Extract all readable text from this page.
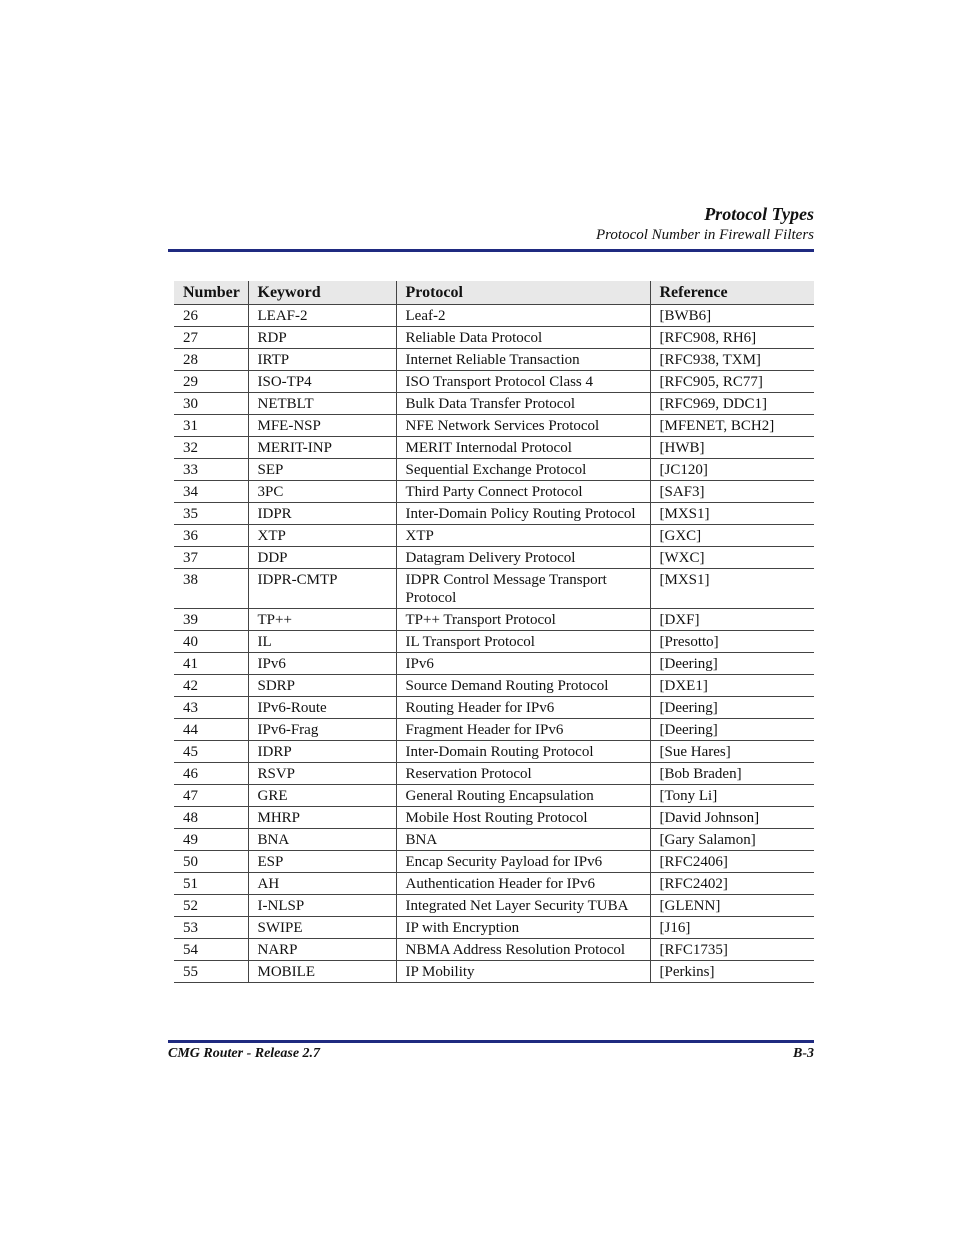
Protocol Types
Protocol Number in Firewall Filters
Number	Keyword	Protocol	Reference
26	LEAF-2	Leaf-2	[BWB6]
27	RDP	Reliable Data Protocol	[RFC908, RH6]
28	IRTP	Internet Reliable Transaction	[RFC938, TXM]
29	ISO-TP4	ISO Transport Protocol Class 4	[RFC905, RC77]
30	NETBLT	Bulk Data Transfer Protocol	[RFC969, DDC1]
31	MFE-NSP	NFE Network Services Protocol	[MFENET, BCH2]
32	MERIT-INP	MERIT Internodal Protocol	[HWB]
33	SEP	Sequential Exchange Protocol	[JC120]
34	3PC	Third Party Connect Protocol	[SAF3]
35	IDPR	Inter-Domain Policy Routing Protocol	[MXS1]
36	XTP	XTP	[GXC]
37	DDP	Datagram Delivery Protocol	[WXC]
38	IDPR-CMTP	IDPR Control Message Transport Protocol	[MXS1]
39	TP++	TP++ Transport Protocol	[DXF]
40	IL	IL Transport Protocol	[Presotto]
41	IPv6	IPv6	[Deering]
42	SDRP	Source Demand Routing Protocol	[DXE1]
43	IPv6-Route	Routing Header for IPv6	[Deering]
44	IPv6-Frag	Fragment Header for IPv6	[Deering]
45	IDRP	Inter-Domain Routing Protocol	[Sue Hares]
46	RSVP	Reservation Protocol	[Bob Braden]
47	GRE	General Routing Encapsulation	[Tony Li]
48	MHRP	Mobile Host Routing Protocol	[David Johnson]
49	BNA	BNA	[Gary Salamon]
50	ESP	Encap Security Payload for IPv6	[RFC2406]
51	AH	Authentication Header for IPv6	[RFC2402]
52	I-NLSP	Integrated Net Layer Security TUBA	[GLENN]
53	SWIPE	IP with Encryption	[J16]
54	NARP	NBMA Address Resolution Protocol	[RFC1735]
55	MOBILE	IP Mobility	[Perkins]
CMG Router - Release 2.7	B-3
